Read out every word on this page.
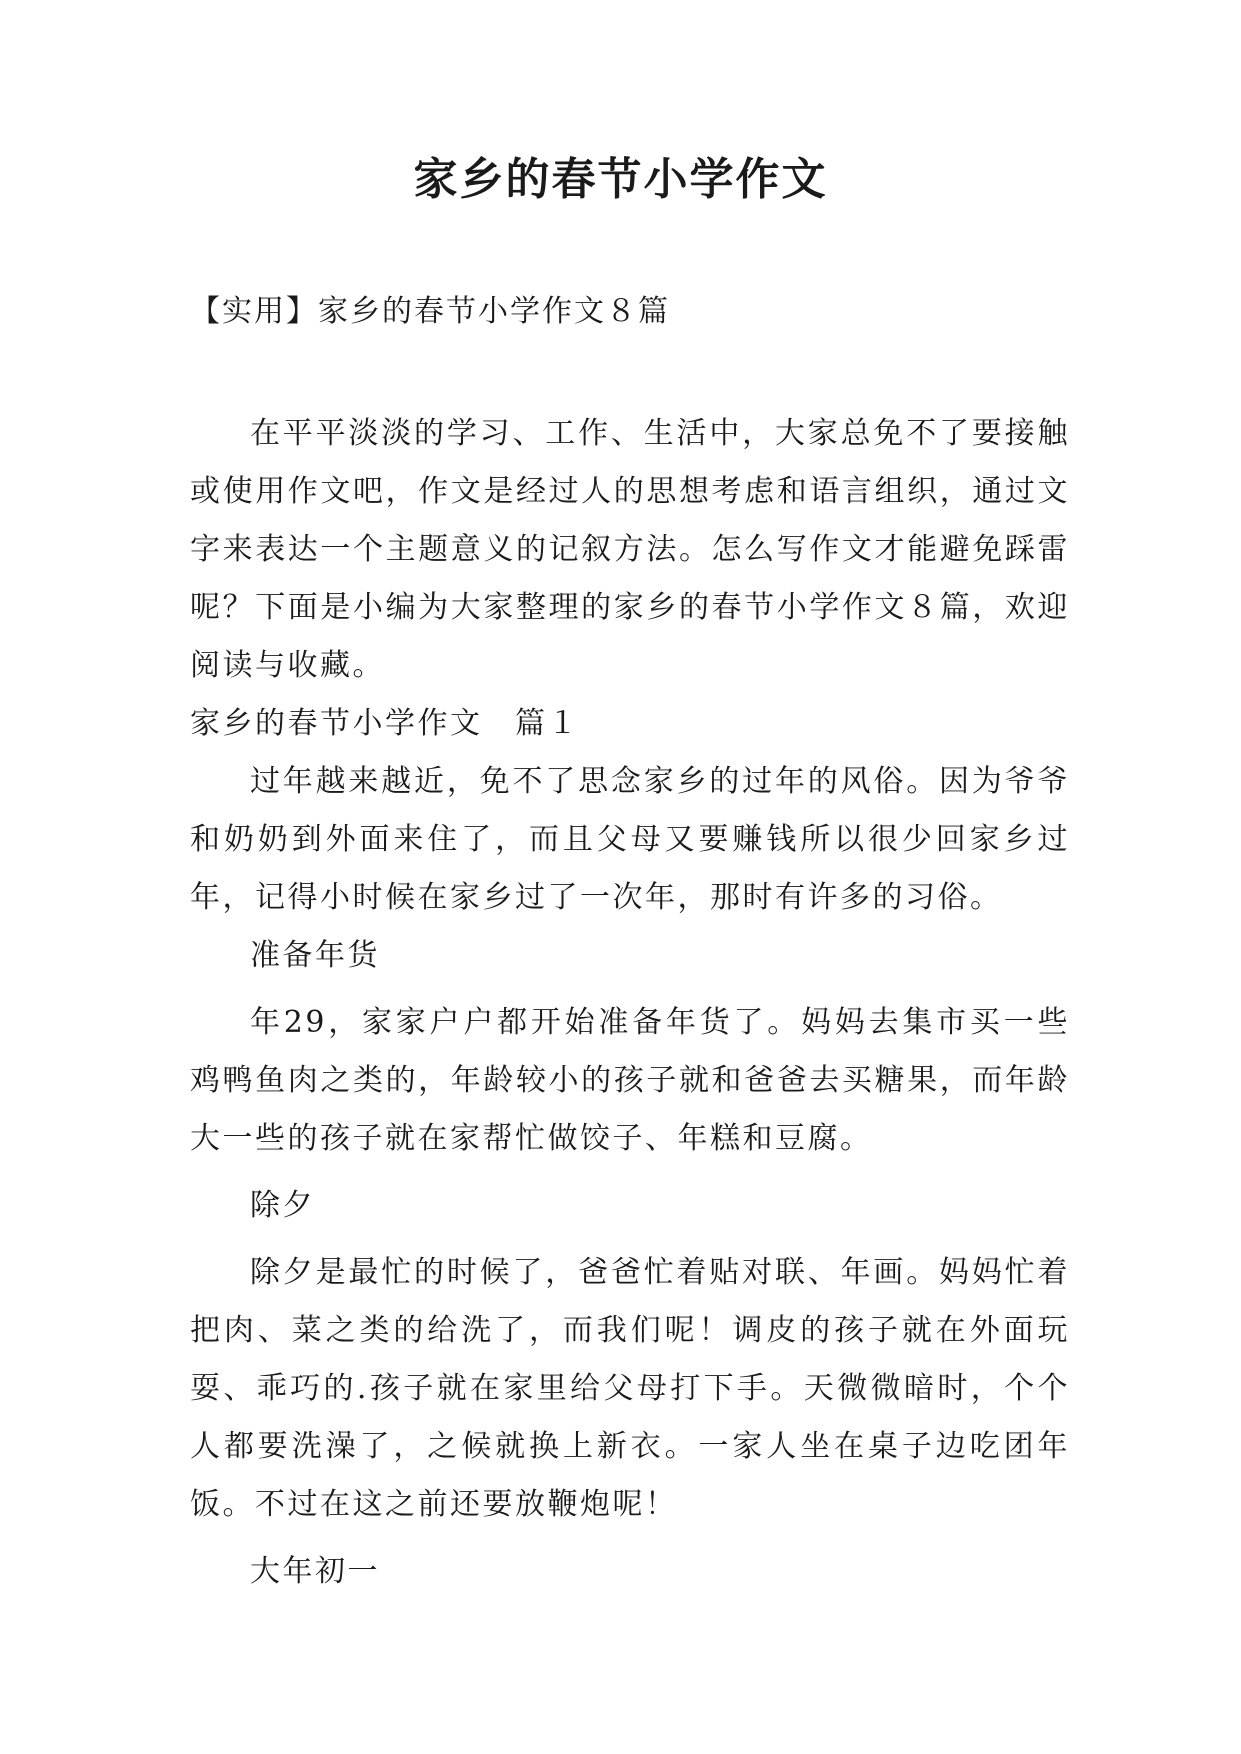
家乡的春节小学作文
【实用】家乡的春节小学作文８篇

在平平淡淡的学习、工作、生活中，大家总免不了要接触或使用作文吧，作文是经过人的思想考虑和语言组织，通过文字来表达一个主题意义的记叙方法。怎么写作文才能避免踩雷呢？下面是小编为大家整理的家乡的春节小学作文８篇，欢迎阅读与收藏。

家乡的春节小学作文　篇１

过年越来越近，免不了思念家乡的过年的风俗。因为爷爷和奶奶到外面来住了，而且父母又要赚钱所以很少回家乡过年，记得小时候在家乡过了一次年，那时有许多的习俗。

准备年货

年29，家家户户都开始准备年货了。妈妈去集市买一些鸡鸭鱼肉之类的，年龄较小的孩子就和爸爸去买糖果，而年龄大一些的孩子就在家帮忙做饺子、年糕和豆腐。

除夕

除夕是最忙的时候了，爸爸忙着贴对联、年画。妈妈忙着把肉、菜之类的给洗了，而我们呢！调皮的孩子就在外面玩耍、乖巧的.孩子就在家里给父母打下手。天微微暗时，个个人都要洗澡了，之候就换上新衣。一家人坐在桌子边吃团年饭。不过在这之前还要放鞭炮呢！

大年初一
